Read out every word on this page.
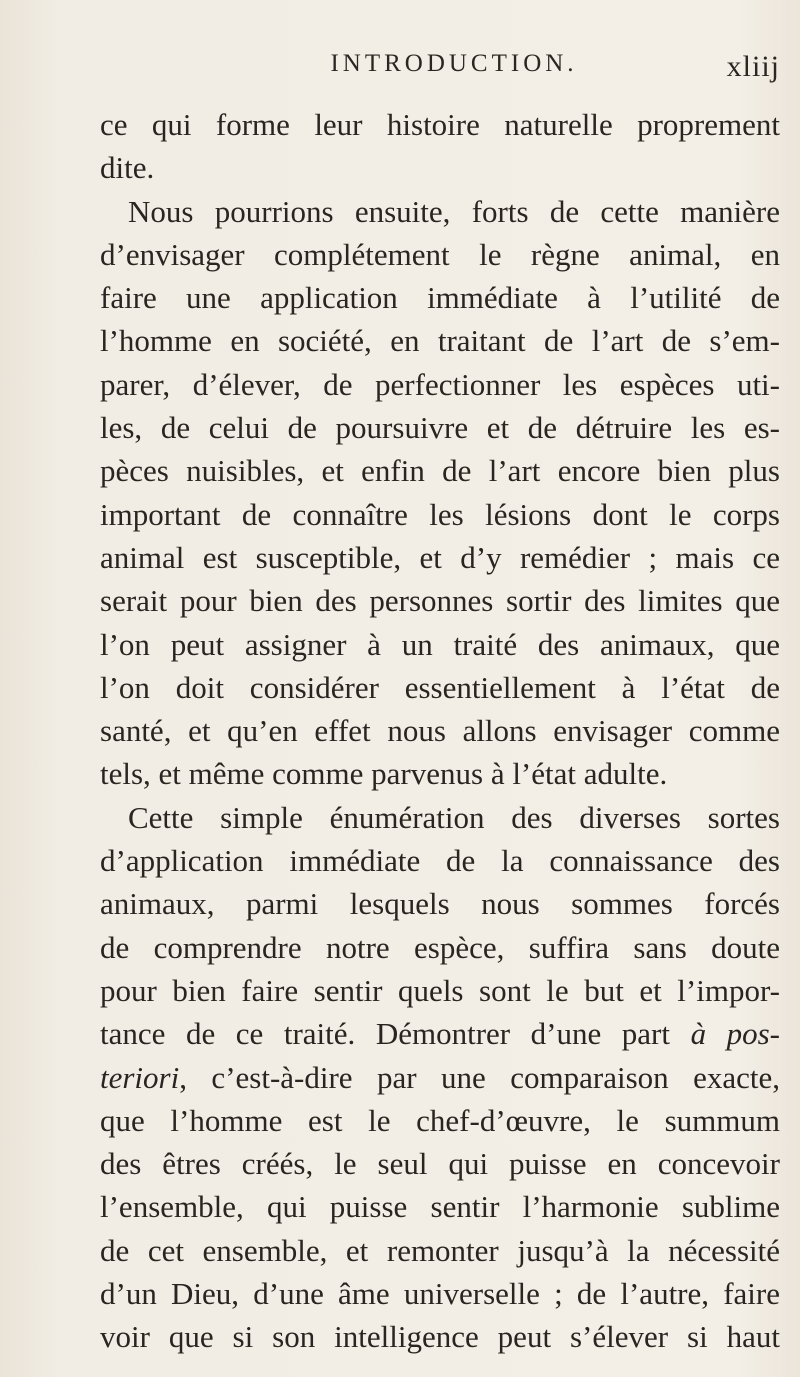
INTRODUCTION.	xliij
ce qui forme leur histoire naturelle proprement
dite.
Nous pourrions ensuite, forts de cette manière
d’envisager complétement le règne animal, en
faire une application immédiate à l’utilité de
l’homme en société, en traitant de l’art de s’em-
parer, d’élever, de perfectionner les espèces uti-
les, de celui de poursuivre et de détruire les es-
pèces nuisibles, et enfin de l’art encore bien plus
important de connaître les lésions dont le corps
animal est susceptible, et d’y remédier ; mais ce
serait pour bien des personnes sortir des limites que
l’on peut assigner à un traité des animaux, que
l’on doit considérer essentiellement à l’état de
santé, et qu’en effet nous allons envisager comme
tels, et même comme parvenus à l’état adulte.
Cette simple énumération des diverses sortes
d’application immédiate de la connaissance des
animaux, parmi lesquels nous sommes forcés
de comprendre notre espèce, suffira sans doute
pour bien faire sentir quels sont le but et l’impor-
tance de ce traité. Démontrer d’une part à pos-
teriori, c’est-à-dire par une comparaison exacte,
que l’homme est le chef-d’œuvre, le summum
des êtres créés, le seul qui puisse en concevoir
l’ensemble, qui puisse sentir l’harmonie sublime
de cet ensemble, et remonter jusqu’à la nécessité
d’un Dieu, d’une âme universelle ; de l’autre, faire
voir que si son intelligence peut s’élever si haut
